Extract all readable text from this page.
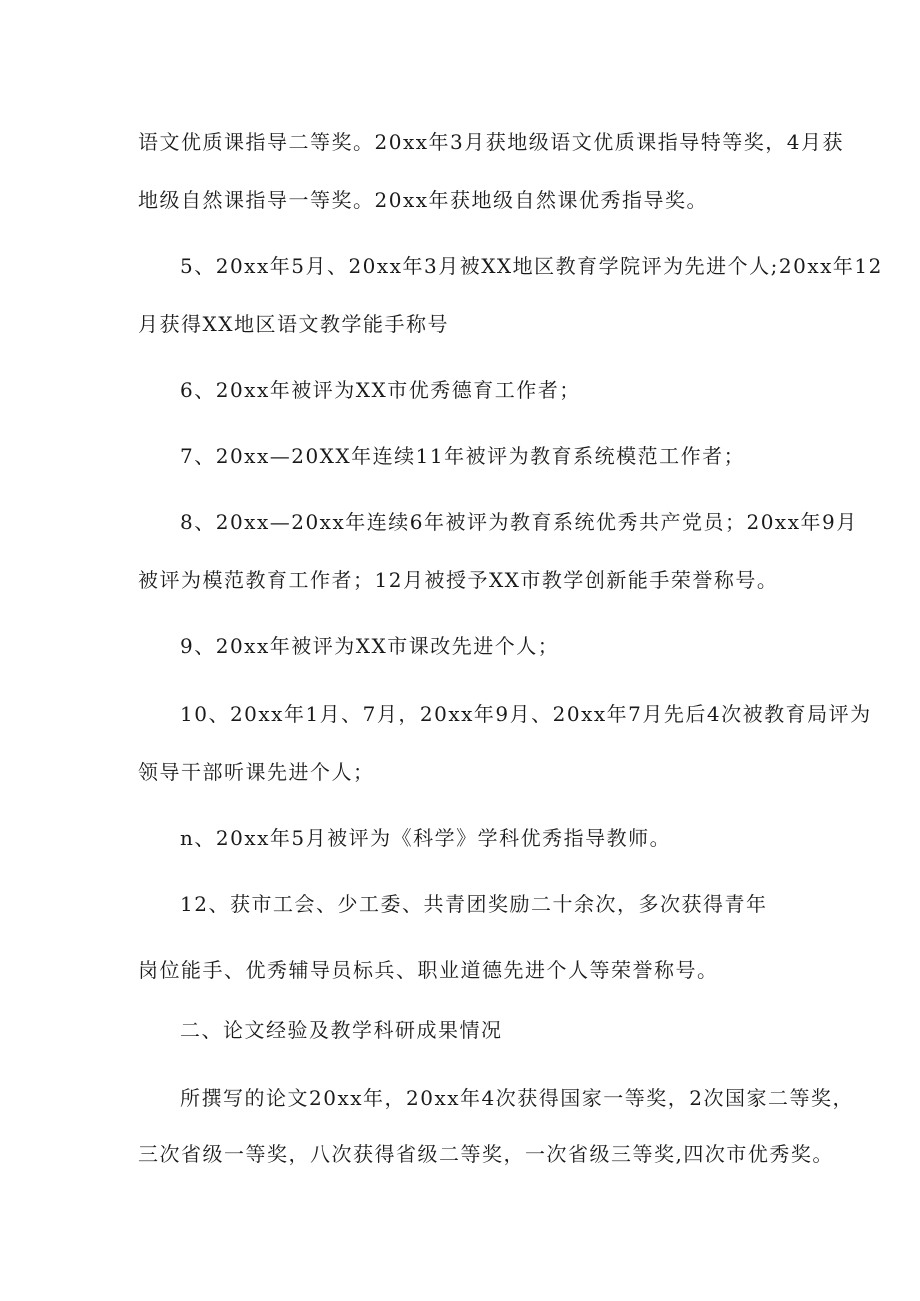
语文优质课指导二等奖。20xx年3月获地级语文优质课指导特等奖，4月获
地级自然课指导一等奖。20xx年获地级自然课优秀指导奖。
5、20xx年5月、20xx年3月被XX地区教育学院评为先进个人;20xx年12
月获得XX地区语文教学能手称号
6、20xx年被评为XX市优秀德育工作者；
7、20xx—20XX年连续11年被评为教育系统模范工作者；
8、20xx—20xx年连续6年被评为教育系统优秀共产党员；20xx年9月
被评为模范教育工作者；12月被授予XX市教学创新能手荣誉称号。
9、20xx年被评为XX市课改先进个人；
10、20xx年1月、7月，20xx年9月、20xx年7月先后4次被教育局评为
领导干部听课先进个人；
n、20xx年5月被评为《科学》学科优秀指导教师。
12、获市工会、少工委、共青团奖励二十余次，多次获得青年
岗位能手、优秀辅导员标兵、职业道德先进个人等荣誉称号。
二、论文经验及教学科研成果情况
所撰写的论文20xx年，20xx年4次获得国家一等奖，2次国家二等奖，
三次省级一等奖，八次获得省级二等奖，一次省级三等奖,四次市优秀奖。
